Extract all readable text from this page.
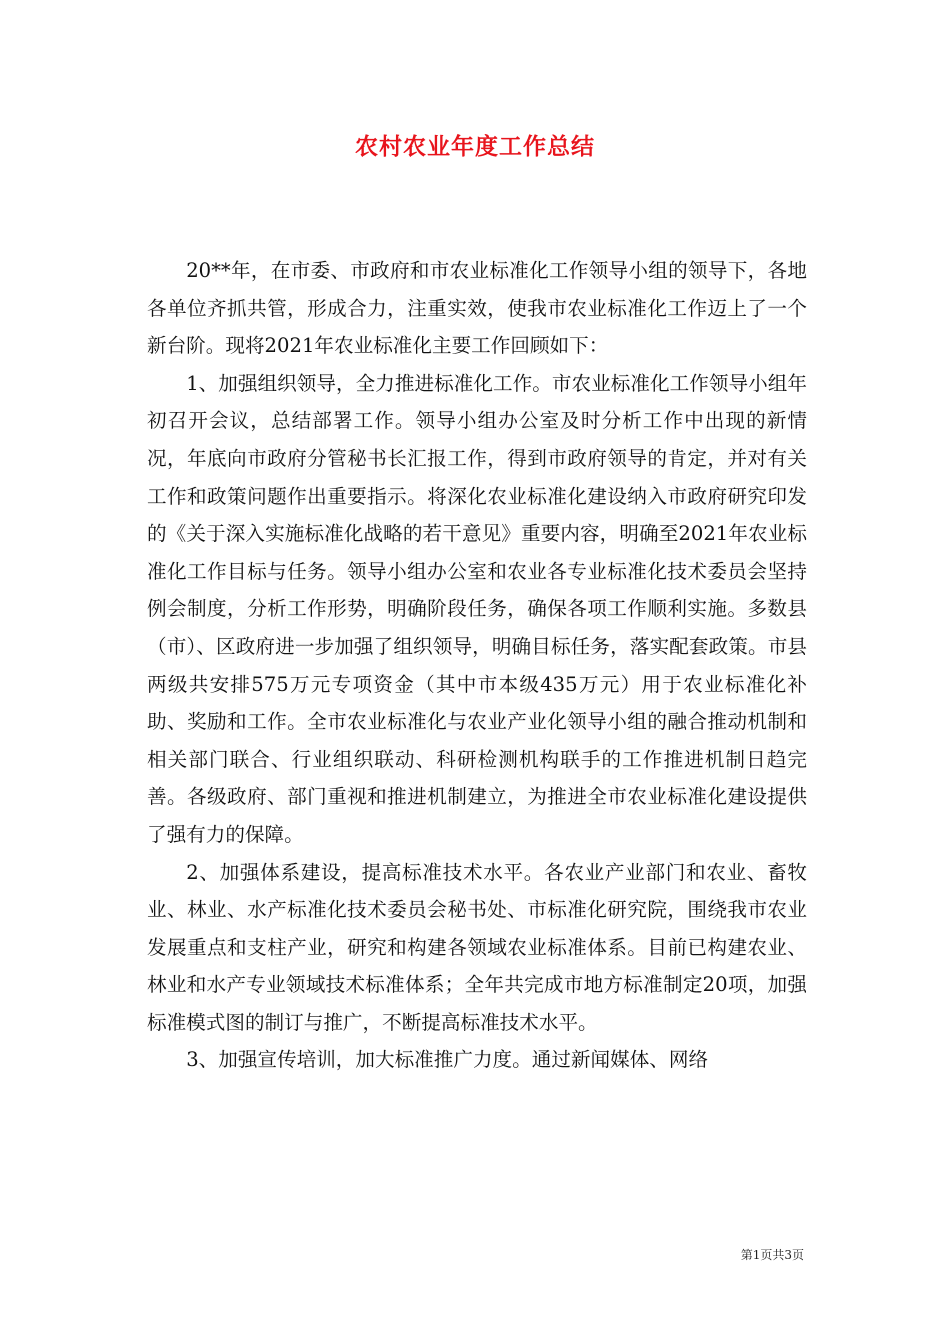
农村农业年度工作总结

20**年，在市委、市政府和市农业标准化工作领导小组的领导下，各地各单位齐抓共管，形成合力，注重实效，使我市农业标准化工作迈上了一个新台阶。现将2021年农业标准化主要工作回顾如下：

1、加强组织领导，全力推进标准化工作。市农业标准化工作领导小组年初召开会议，总结部署工作。领导小组办公室及时分析工作中出现的新情况，年底向市政府分管秘书长汇报工作，得到市政府领导的肯定，并对有关工作和政策问题作出重要指示。将深化农业标准化建设纳入市政府研究印发的《关于深入实施标准化战略的若干意见》重要内容，明确至2021年农业标准化工作目标与任务。领导小组办公室和农业各专业标准化技术委员会坚持例会制度，分析工作形势，明确阶段任务，确保各项工作顺利实施。多数县（市）、区政府进一步加强了组织领导，明确目标任务，落实配套政策。市县两级共安排575万元专项资金（其中市本级435万元）用于农业标准化补助、奖励和工作。全市农业标准化与农业产业化领导小组的融合推动机制和相关部门联合、行业组织联动、科研检测机构联手的工作推进机制日趋完善。各级政府、部门重视和推进机制建立，为推进全市农业标准化建设提供了强有力的保障。

2、加强体系建设，提高标准技术水平。各农业产业部门和农业、畜牧业、林业、水产标准化技术委员会秘书处、市标准化研究院，围绕我市农业发展重点和支柱产业，研究和构建各领域农业标准体系。目前已构建农业、林业和水产专业领域技术标准体系；全年共完成市地方标准制定20项，加强标准模式图的制订与推广，不断提高标准技术水平。

3、加强宣传培训，加大标准推广力度。通过新闻媒体、网络

第1页共3页
